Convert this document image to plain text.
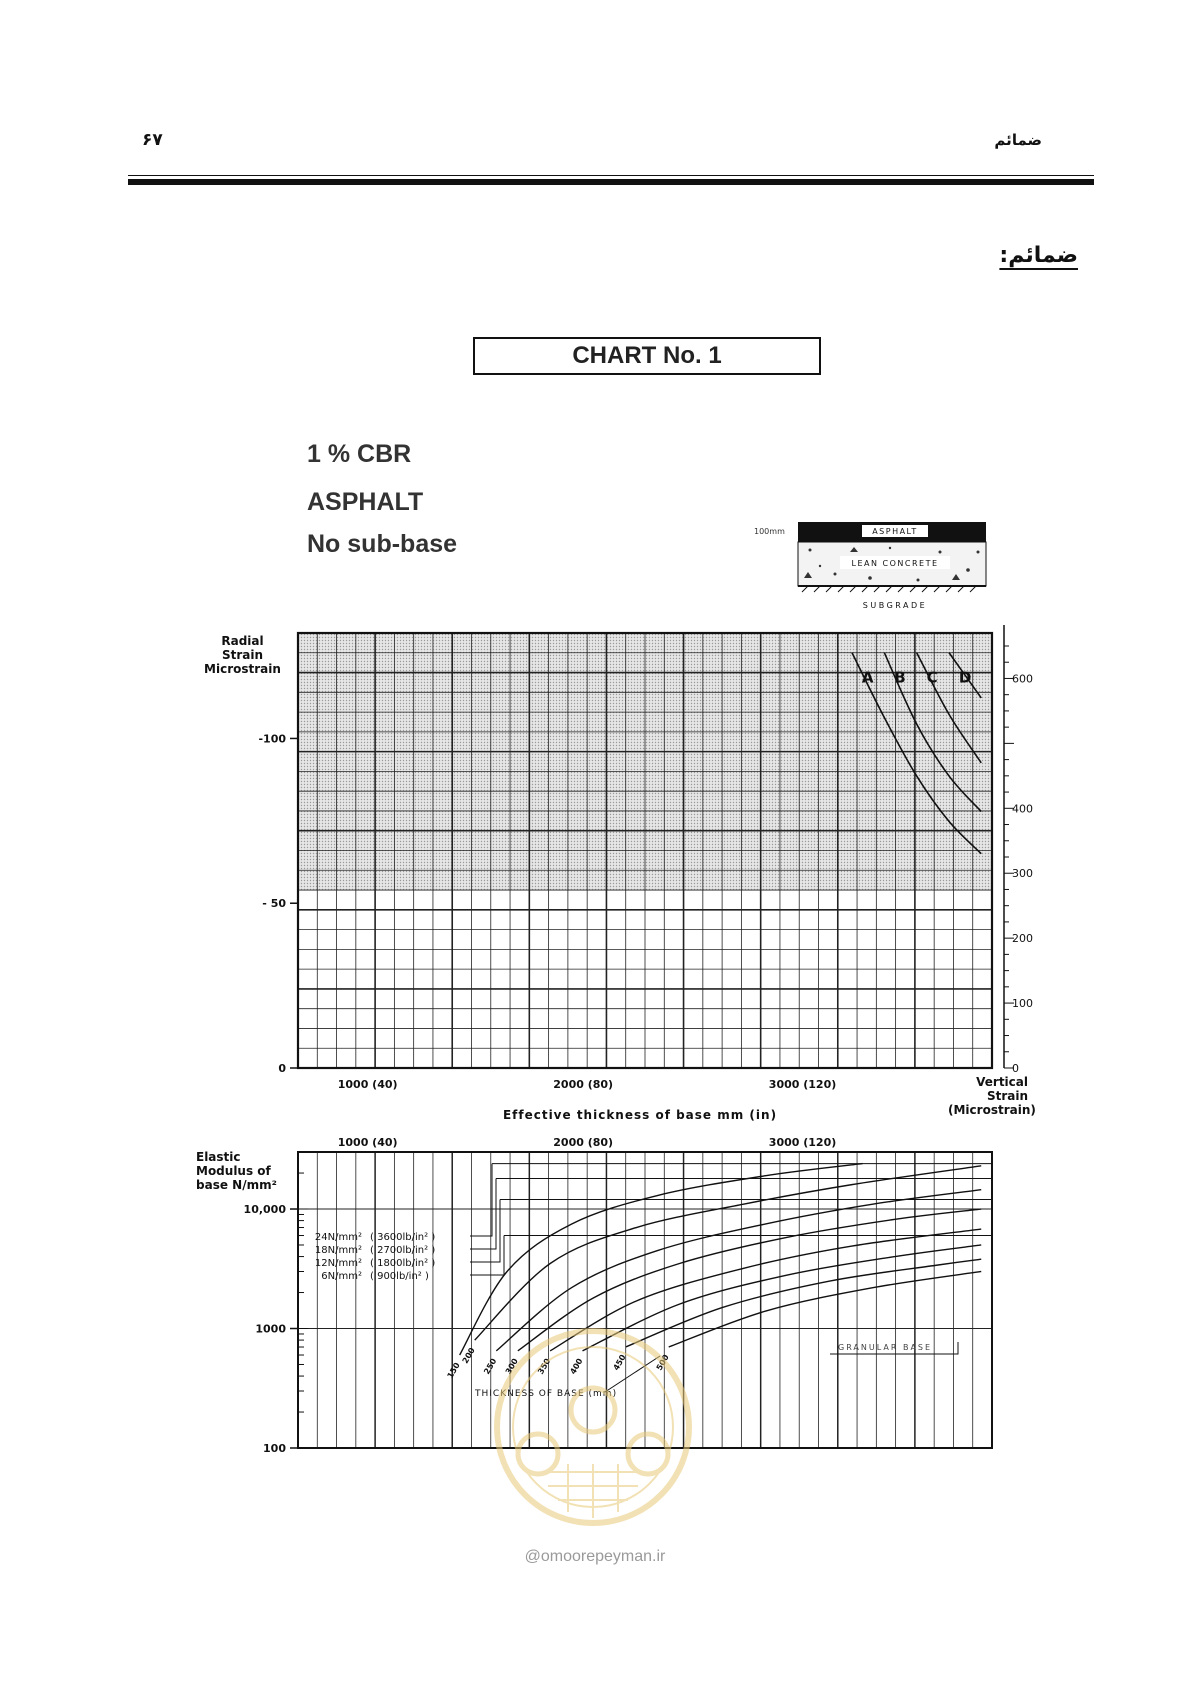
۶۷	ضمائم
ضمائم:
CHART No. 1
1 % CBR
ASPHALT
No sub-base	100mm	ASPHALT
LEAN CONCRETE
SUBGRADE
Radial Strain Microstrain
Vertical Strain (Microstrain)
Effective thickness of base mm (in)
Elastic Modulus of base N/mm²
0
- 50
-100
0
100
200
300
400
600
1000 (40)	2000 (80)	3000 (120)
A B C D
100
1000
10,000
1000 (40)	2000 (80)	3000 (120)
24N/mm² ( 3600lb/in² )
18N/mm² ( 2700lb/in² )
12N/mm² ( 1800lb/in² )
6N/mm² ( 900lb/in² )
150
200
250 300 350 400	450	500
THICKNESS OF BASE (mm)
GRANULAR BASE
@omoorepeyman.ir
